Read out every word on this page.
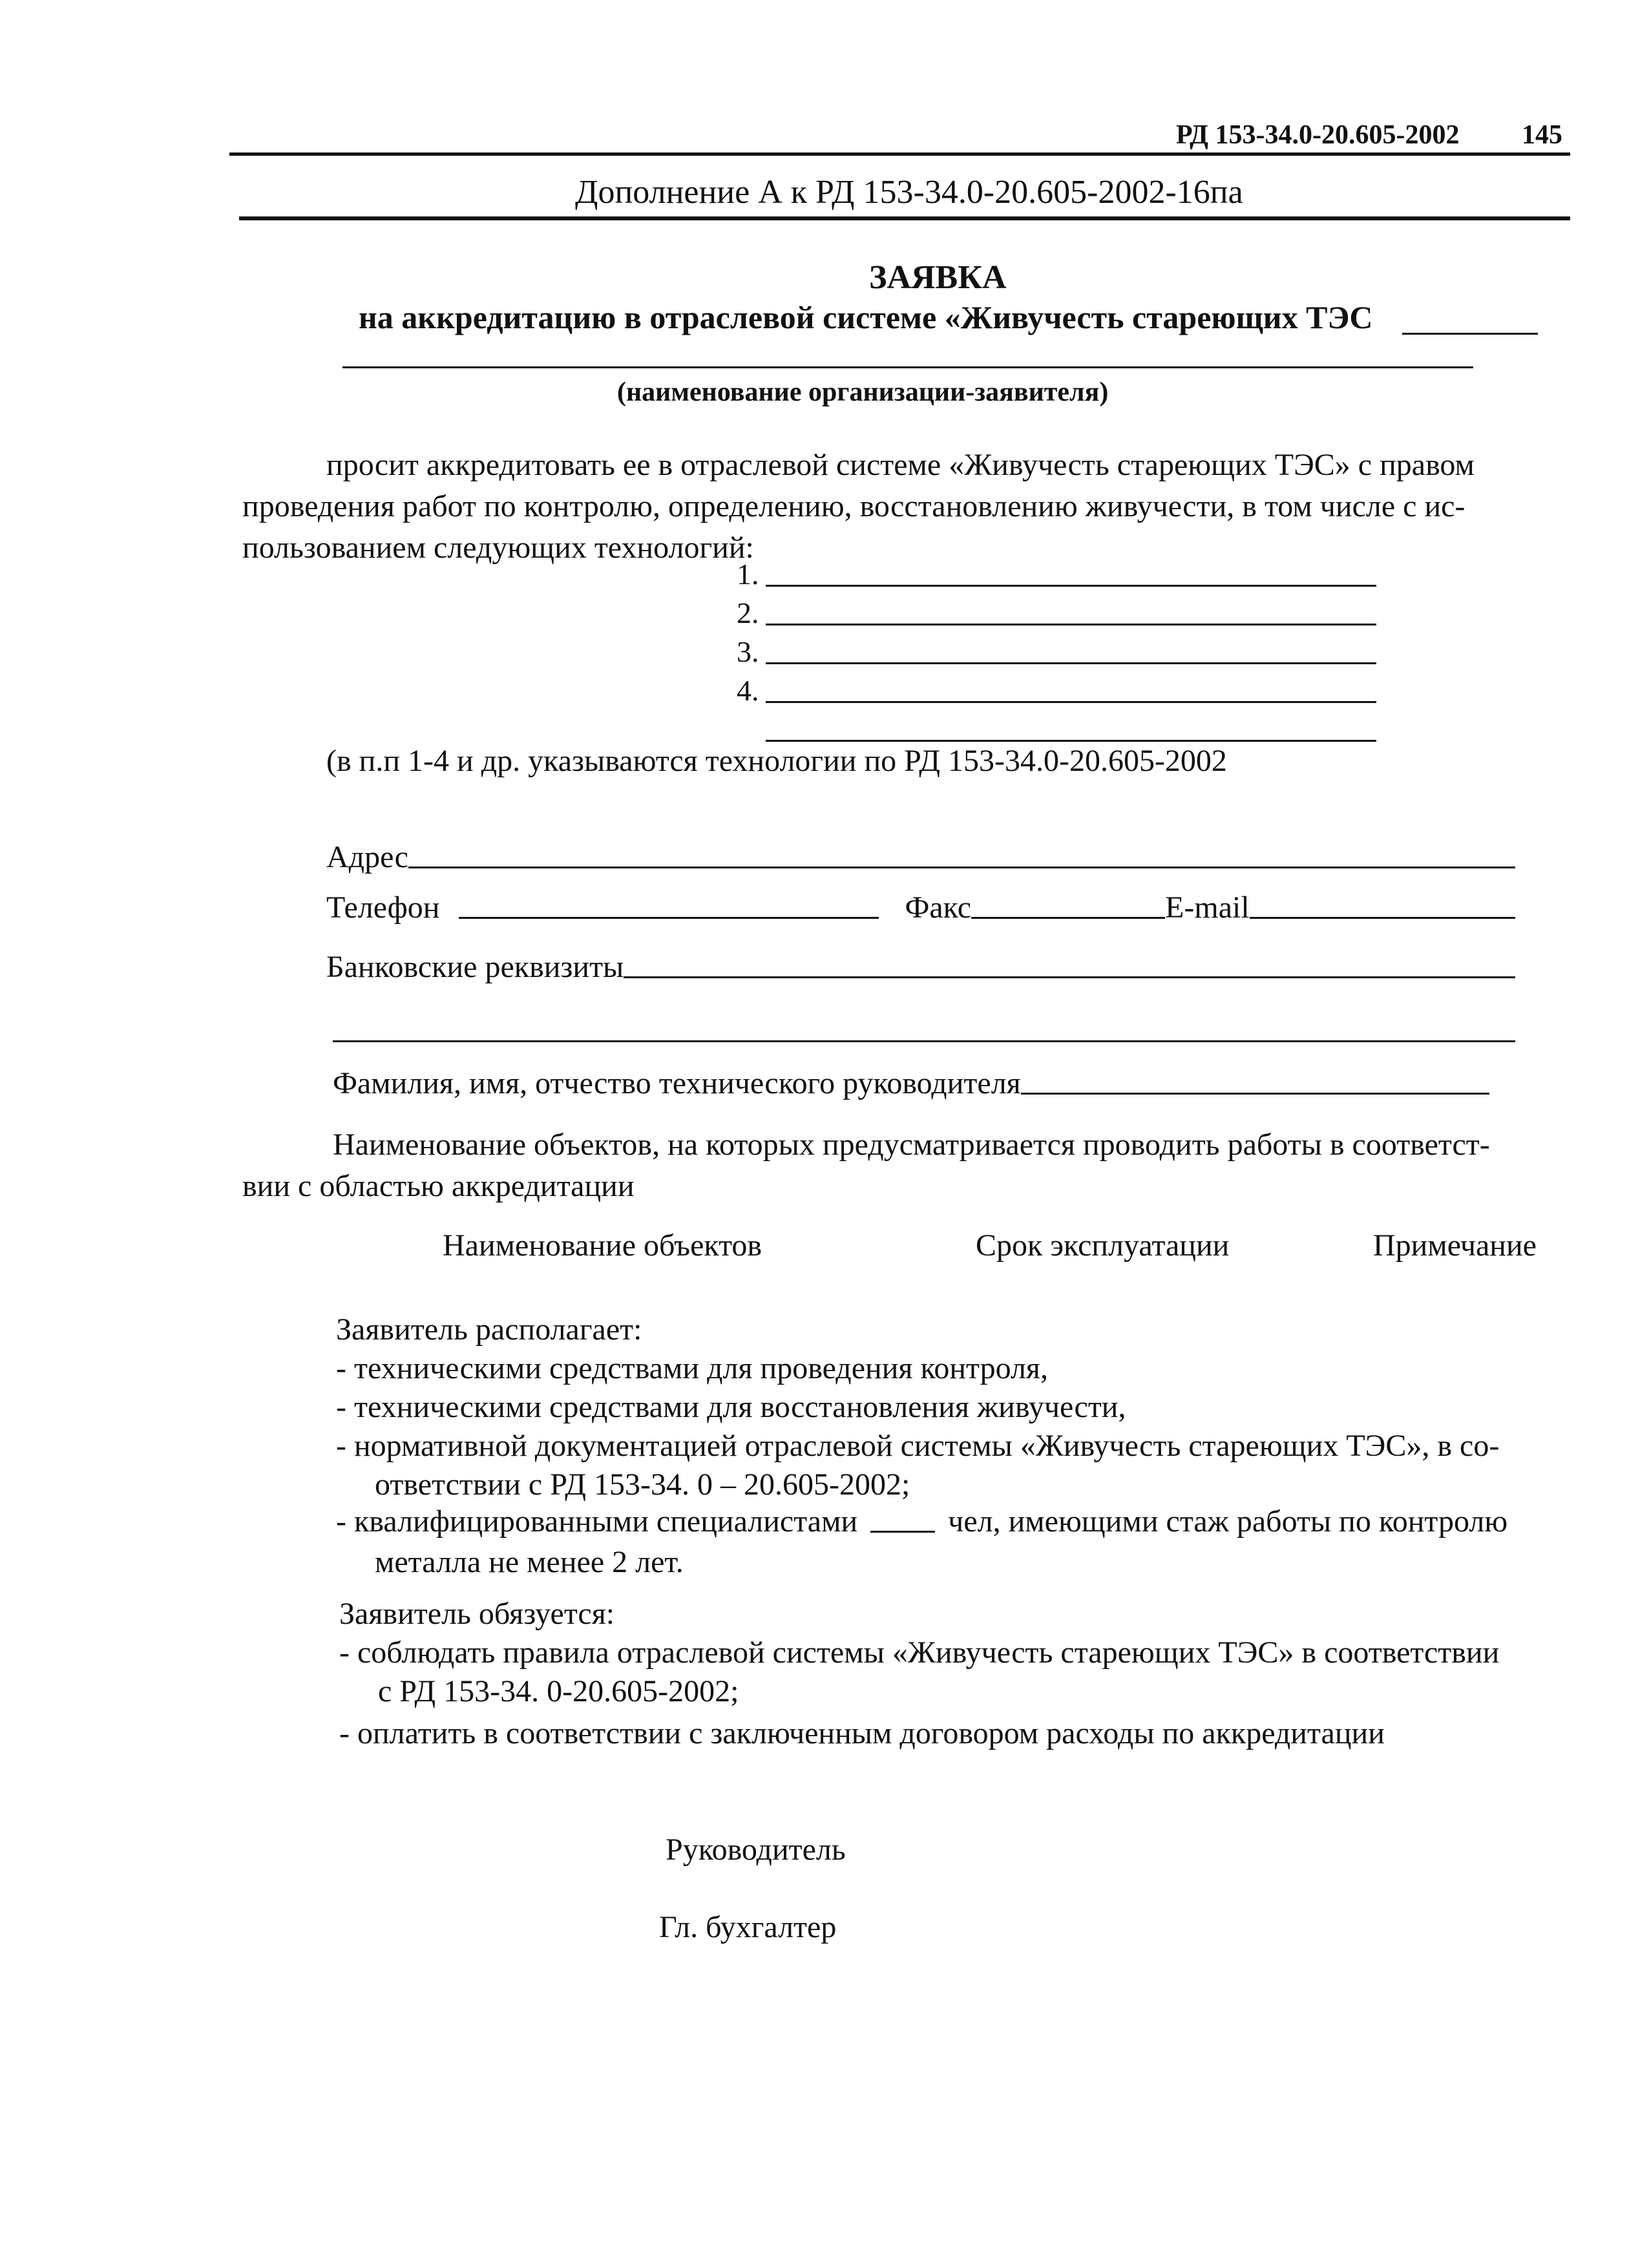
РД 153-34.0-20.605-2002 145
Дополнение А к РД 153-34.0-20.605-2002-16па
ЗАЯВКА
на аккредитацию в отраслевой системе «Живучесть стареющих ТЭС
(наименование организации-заявителя)
просит аккредитовать ее в отраслевой системе «Живучесть стареющих ТЭС» с правом
проведения работ по контролю, определению, восстановлению живучести, в том числе с ис-
пользованием следующих технологий:
1.
2.
3.
4.
(в п.п 1-4 и др. указываются технологии по РД 153-34.0-20.605-2002
Адрес
Телефон	Факс	E-mail
Банковские реквизиты
Фамилия, имя, отчество технического руководителя
Наименование объектов, на которых предусматривается проводить работы в соответст-
вии с областью аккредитации
Наименование объектов	Срок эксплуатации	Примечание
Заявитель располагает:
- техническими средствами для проведения контроля,
- техническими средствами для восстановления живучести,
- нормативной документацией отраслевой системы «Живучесть стареющих ТЭС», в со-
ответствии с РД 153-34. 0 – 20.605-2002;
- квалифицированными специалистами	чел, имеющими стаж работы по контролю
металла не менее 2 лет.
Заявитель обязуется:
- соблюдать правила отраслевой системы «Живучесть стареющих ТЭС» в соответствии
с РД 153-34. 0-20.605-2002;
- оплатить в соответствии с заключенным договором расходы по аккредитации
Руководитель
Гл. бухгалтер
